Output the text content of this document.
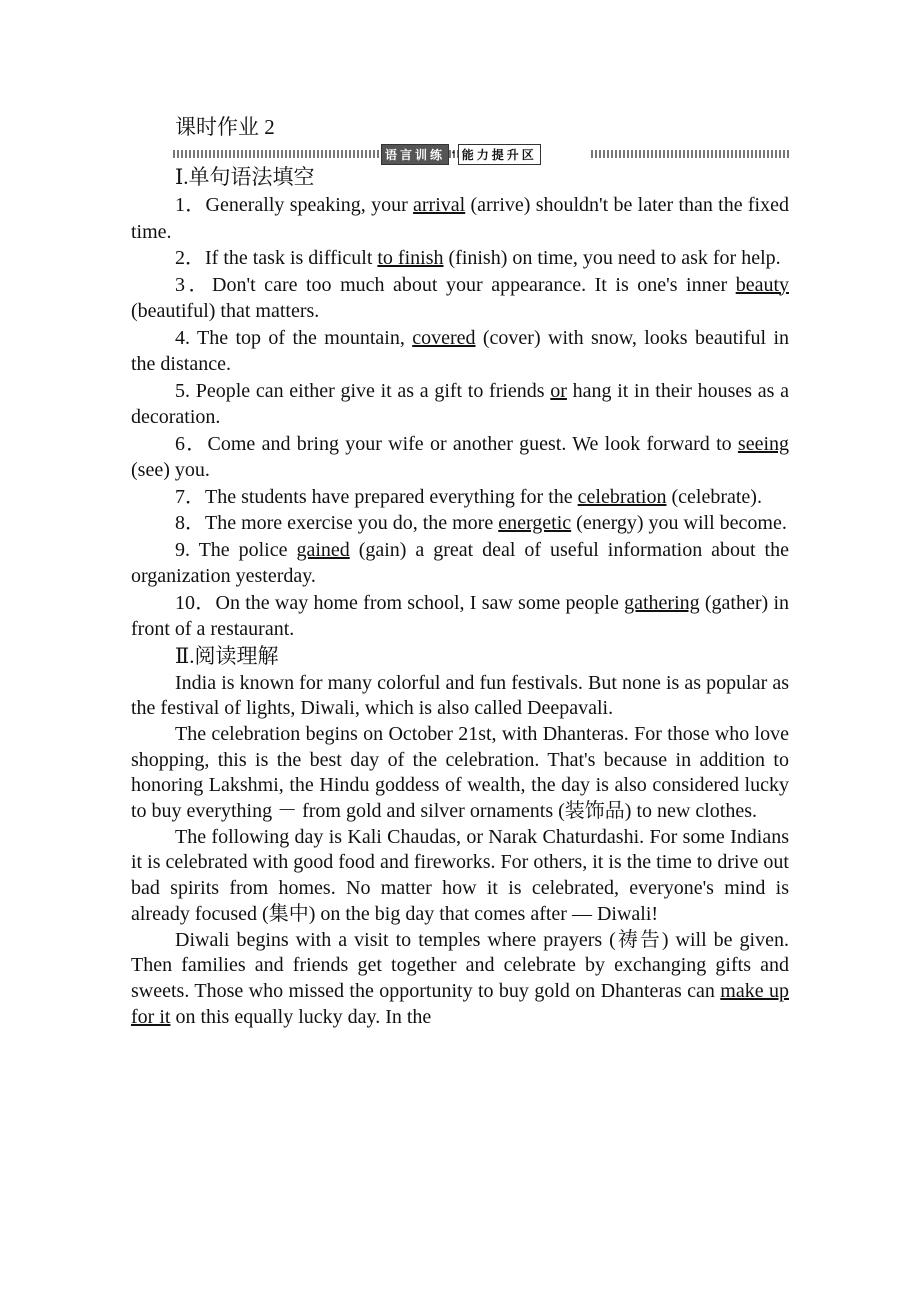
课时作业 2
语言训练 · 能力提升区
Ⅰ.单句语法填空
1．Generally speaking, your arrival (arrive) shouldn't be later than the fixed time.
2．If the task is difficult to finish (finish) on time, you need to ask for help.
3．Don't care too much about your appearance. It is one's inner beauty (beautiful) that matters.
4. The top of the mountain, covered (cover) with snow, looks beautiful in the distance.
5. People can either give it as a gift to friends or hang it in their houses as a decoration.
6．Come and bring your wife or another guest. We look forward to seeing (see) you.
7．The students have prepared everything for the celebration (celebrate).
8．The more exercise you do, the more energetic (energy) you will become.
9. The police gained (gain) a great deal of useful information about the organization yesterday.
10．On the way home from school, I saw some people gathering (gather) in front of a restaurant.
Ⅱ.阅读理解

India is known for many colorful and fun festivals. But none is as popular as the festival of lights, Diwali, which is also called Deepavali.

The celebration begins on October 21st, with Dhanteras. For those who love shopping, this is the best day of the celebration. That's because in addition to honoring Lakshmi, the Hindu goddess of wealth, the day is also considered lucky to buy everything － from gold and silver ornaments (装饰品) to new clothes.

The following day is Kali Chaudas, or Narak Chaturdashi. For some Indians it is celebrated with good food and fireworks. For others, it is the time to drive out bad spirits from homes. No matter how it is celebrated, everyone's mind is already focused (集中) on the big day that comes after — Diwali!

Diwali begins with a visit to temples where prayers (祷告) will be given. Then families and friends get together and celebrate by exchanging gifts and sweets. Those who missed the opportunity to buy gold on Dhanteras can make up for it on this equally lucky day. In the
